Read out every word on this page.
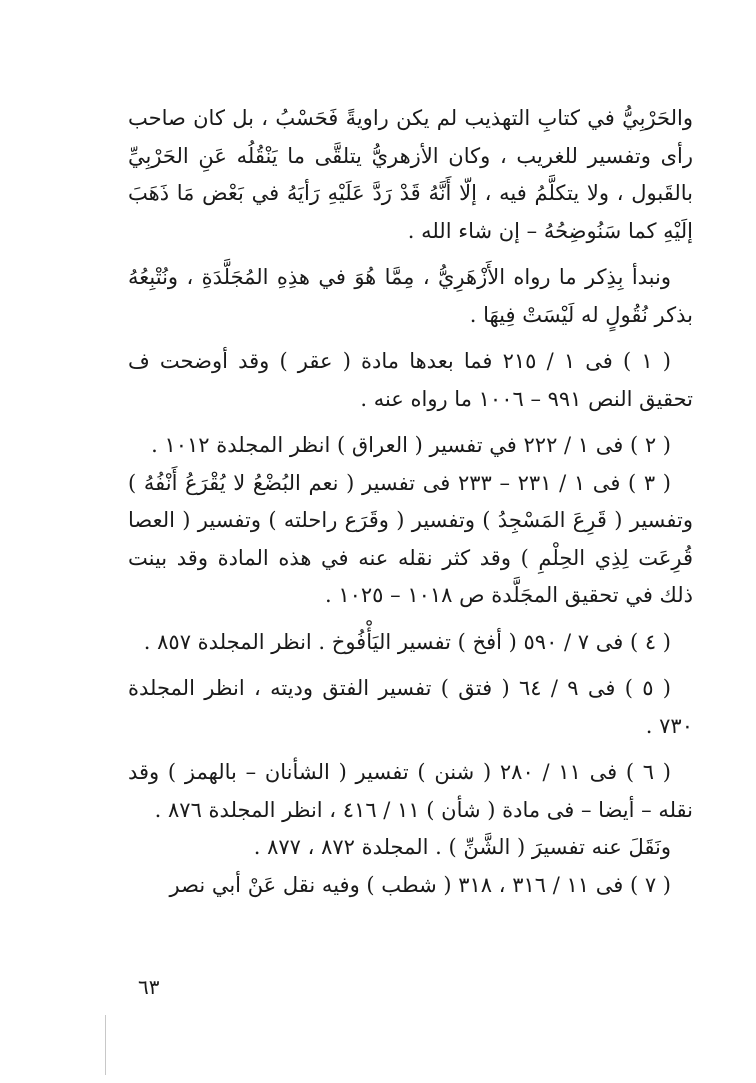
والحَرْبِيُّ في كتابِ التهذيب لم يكن راويةً فَحَسْبُ ، بل كان صاحب رأى وتفسير للغريب ، وكان الأزهريُّ يتلقَّى ما يَنْقُلُه عَنِ الحَرْبِيِّ بالقَبول ، ولا يتكلَّمُ فيه ، إلّا أَنَّهُ قَدْ رَدَّ عَلَيْهِ رَأيَهُ في بَعْض مَا ذَهَبَ إلَيْهِ كما سَنُوضِحُهُ – إن شاء الله .

ونبدأ بِذِكر ما رواه الأَزْهَرِيُّ ، مِمَّا هُوَ في هذِهِ المُجَلَّدَةِ ، ونُتْبِعُهُ بذكر نُقُولٍ له لَيْسَتْ فِيهَا .

( ١ ) فى ١ / ٢١٥ فما بعدها مادة ( عقر ) وقد أوضحت ف تحقيق النص ٩٩١ – ١٠٠٦ ما رواه عنه .

( ٢ ) فى ١ / ٢٢٢ في تفسير ( العراق ) انظر المجلدة ١٠١٢ .

( ٣ ) فى ١ / ٢٣١ – ٢٣٣ فى تفسير ( نعم البُضْعُ لا يُقْرَعُ أَنْفُهُ ) وتفسير ( قَرِعَ المَسْجِدُ ) وتفسير ( وقَرَع راحلته ) وتفسير ( العصا قُرِعَت لِذِي الحِلْمِ ) وقد كثر نقله عنه في هذه المادة وقد بينت ذلك في تحقيق المجَلَّدة ص ١٠١٨ – ١٠٢٥ .

( ٤ ) فى ٧ / ٥٩٠ ( أفخ ) تفسير اليَأْفُوخ . انظر المجلدة ٨٥٧ .

( ٥ ) فى ٩ / ٦٤ ( فتق ) تفسير الفتق وديته ، انظر المجلدة ٧٣٠ .

( ٦ ) فى ١١ / ٢٨٠ ( شنن ) تفسير ( الشأنان – بالهمز ) وقد نقله – أيضا – فى مادة ( شأن ) ١١ / ٤١٦ ، انظر المجلدة ٨٧٦ .

ونَقَلَ عنه تفسيرَ ( الشَّنِّ ) . المجلدة ٨٧٢ ، ٨٧٧ .

( ٧ ) فى ١١ / ٣١٦ ، ٣١٨ ( شطب ) وفيه نقل عَنْ أبي نصر

٦٣
